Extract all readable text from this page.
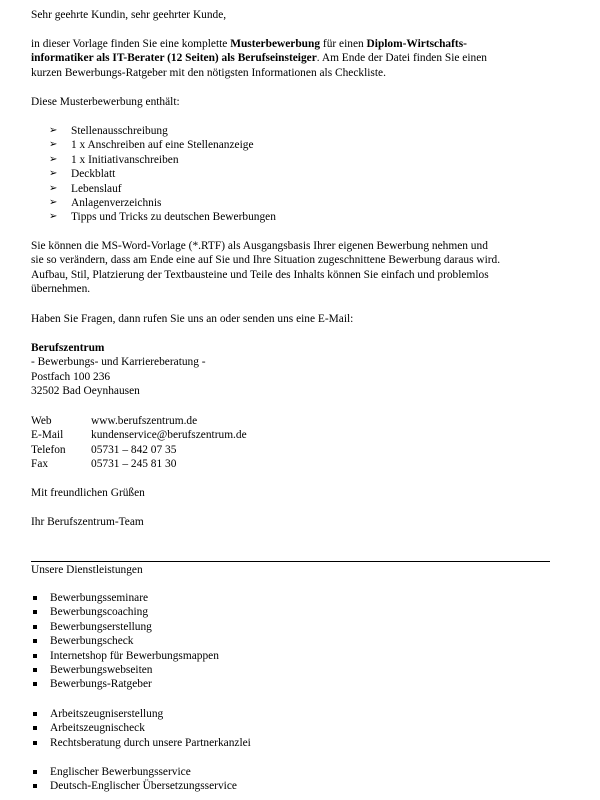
Sehr geehrte Kundin, sehr geehrter Kunde,

in dieser Vorlage finden Sie eine komplette Musterbewerbung für einen Diplom-Wirtschafts-

informatiker als IT-Berater (12 Seiten) als Berufseinsteiger. Am Ende der Datei finden Sie einen

kurzen Bewerbungs-Ratgeber mit den nötigsten Informationen als Checkliste.

Diese Musterbewerbung enthält:

➢ Stellenausschreibung
➢ 1 x Anschreiben auf eine Stellenanzeige
➢ 1 x Initiativanschreiben
➢ Deckblatt
➢ Lebenslauf
➢ Anlagenverzeichnis
➢ Tipps und Tricks zu deutschen Bewerbungen

Sie können die MS-Word-Vorlage (*.RTF) als Ausgangsbasis Ihrer eigenen Bewerbung nehmen und

sie so verändern, dass am Ende eine auf Sie und Ihre Situation zugeschnittene Bewerbung daraus wird.

Aufbau, Stil, Platzierung der Textbausteine und Teile des Inhalts können Sie einfach und problemlos

übernehmen.

Haben Sie Fragen, dann rufen Sie uns an oder senden uns eine E-Mail:

Berufszentrum

- Bewerbungs- und Karriereberatung -

Postfach 100 236

32502 Bad Oeynhausen

Web	www.berufszentrum.de
E-Mail	kundenservice@berufszentrum.de
Telefon	05731 – 842 07 35
Fax	05731 – 245 81 30

Mit freundlichen Grüßen

Ihr Berufszentrum-Team

Unsere Dienstleistungen

Bewerbungsseminare
Bewerbungscoaching
Bewerbungserstellung
Bewerbungscheck
Internetshop für Bewerbungsmappen
Bewerbungswebseiten
Bewerbungs-Ratgeber
Arbeitszeugniserstellung
Arbeitszeugnischeck
Rechtsberatung durch unsere Partnerkanzlei
Englischer Bewerbungsservice
Deutsch-Englischer Übersetzungsservice
